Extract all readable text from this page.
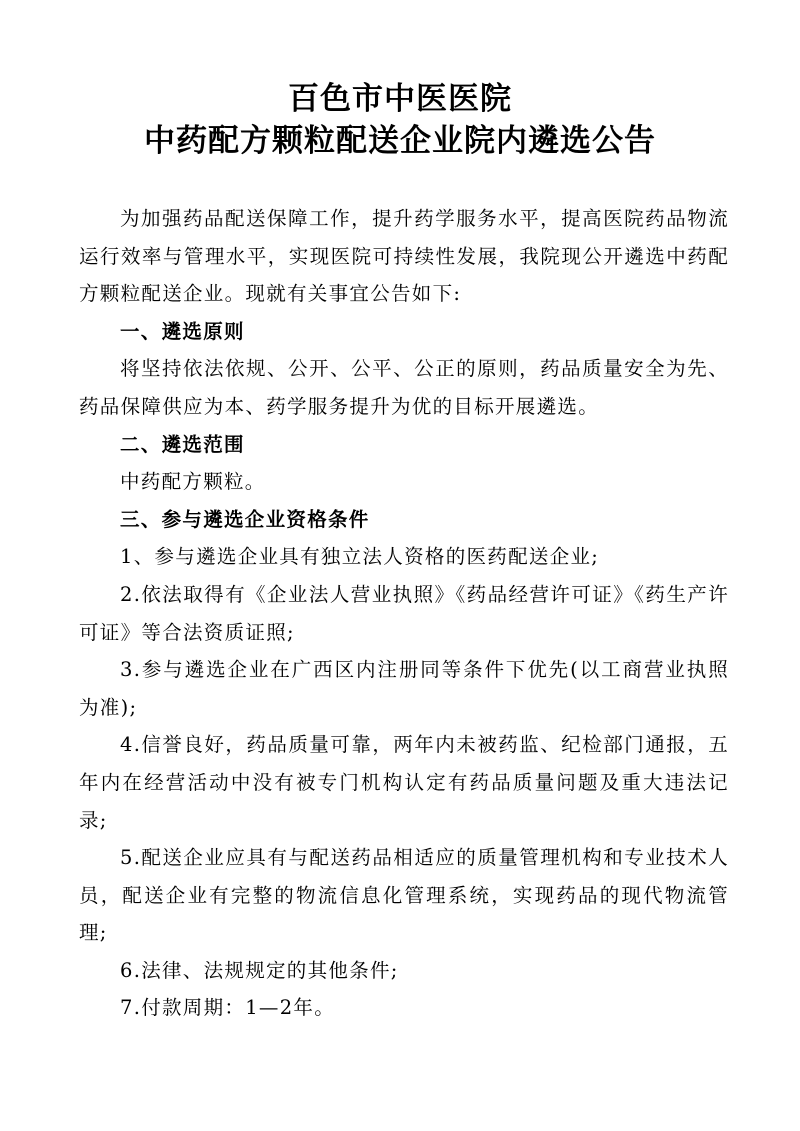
百色市中医医院
中药配方颗粒配送企业院内遴选公告

为加强药品配送保障工作，提升药学服务水平，提高医院药品物流运行效率与管理水平，实现医院可持续性发展，我院现公开遴选中药配方颗粒配送企业。现就有关事宜公告如下:

一、遴选原则

将坚持依法依规、公开、公平、公正的原则，药品质量安全为先、药品保障供应为本、药学服务提升为优的目标开展遴选。

二、遴选范围

中药配方颗粒。

三、参与遴选企业资格条件

1、参与遴选企业具有独立法人资格的医药配送企业;

2.依法取得有《企业法人营业执照》《药品经营许可证》《药生产许可证》等合法资质证照;

3.参与遴选企业在广西区内注册同等条件下优先(以工商营业执照为准);

4.信誉良好，药品质量可靠，两年内未被药监、纪检部门通报，五年内在经营活动中没有被专门机构认定有药品质量问题及重大违法记录;

5.配送企业应具有与配送药品相适应的质量管理机构和专业技术人员，配送企业有完整的物流信息化管理系统，实现药品的现代物流管理;

6.法律、法规规定的其他条件;

7.付款周期：1—2年。
